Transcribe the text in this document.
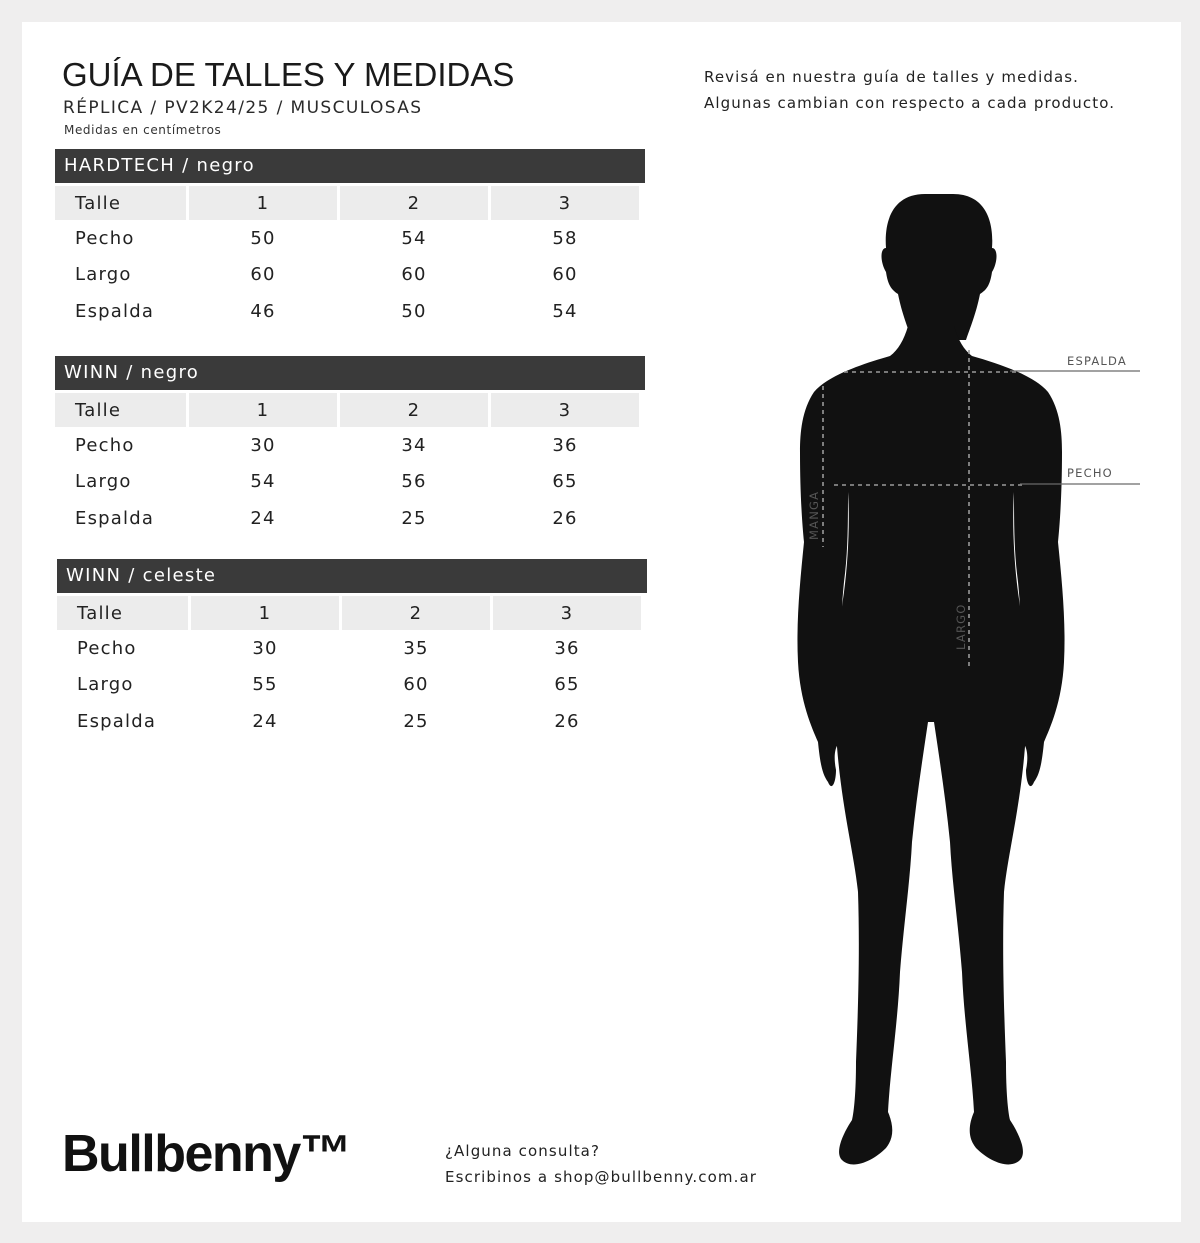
GUÍA DE TALLES Y MEDIDAS
RÉPLICA / PV2K24/25 / MUSCULOSAS
Medidas en centímetros
Revisá en nuestra guía de talles y medidas.
Algunas cambian con respecto a cada producto.
HARDTECH / negro
Talle	1	2	3
Pecho	50	54	58
Largo	60	60	60
Espalda	46	50	54
WINN / negro
Talle	1	2	3
Pecho	30	34	36
Largo	54	56	65
Espalda	24	25	26
WINN / celeste
Talle	1	2	3
Pecho	30	35	36
Largo	55	60	65
Espalda	24	25	26
ESPALDA
PECHO
MANGA
LARGO
Bullbenny™	¿Alguna consulta?
Escribinos a shop@bullbenny.com.ar
